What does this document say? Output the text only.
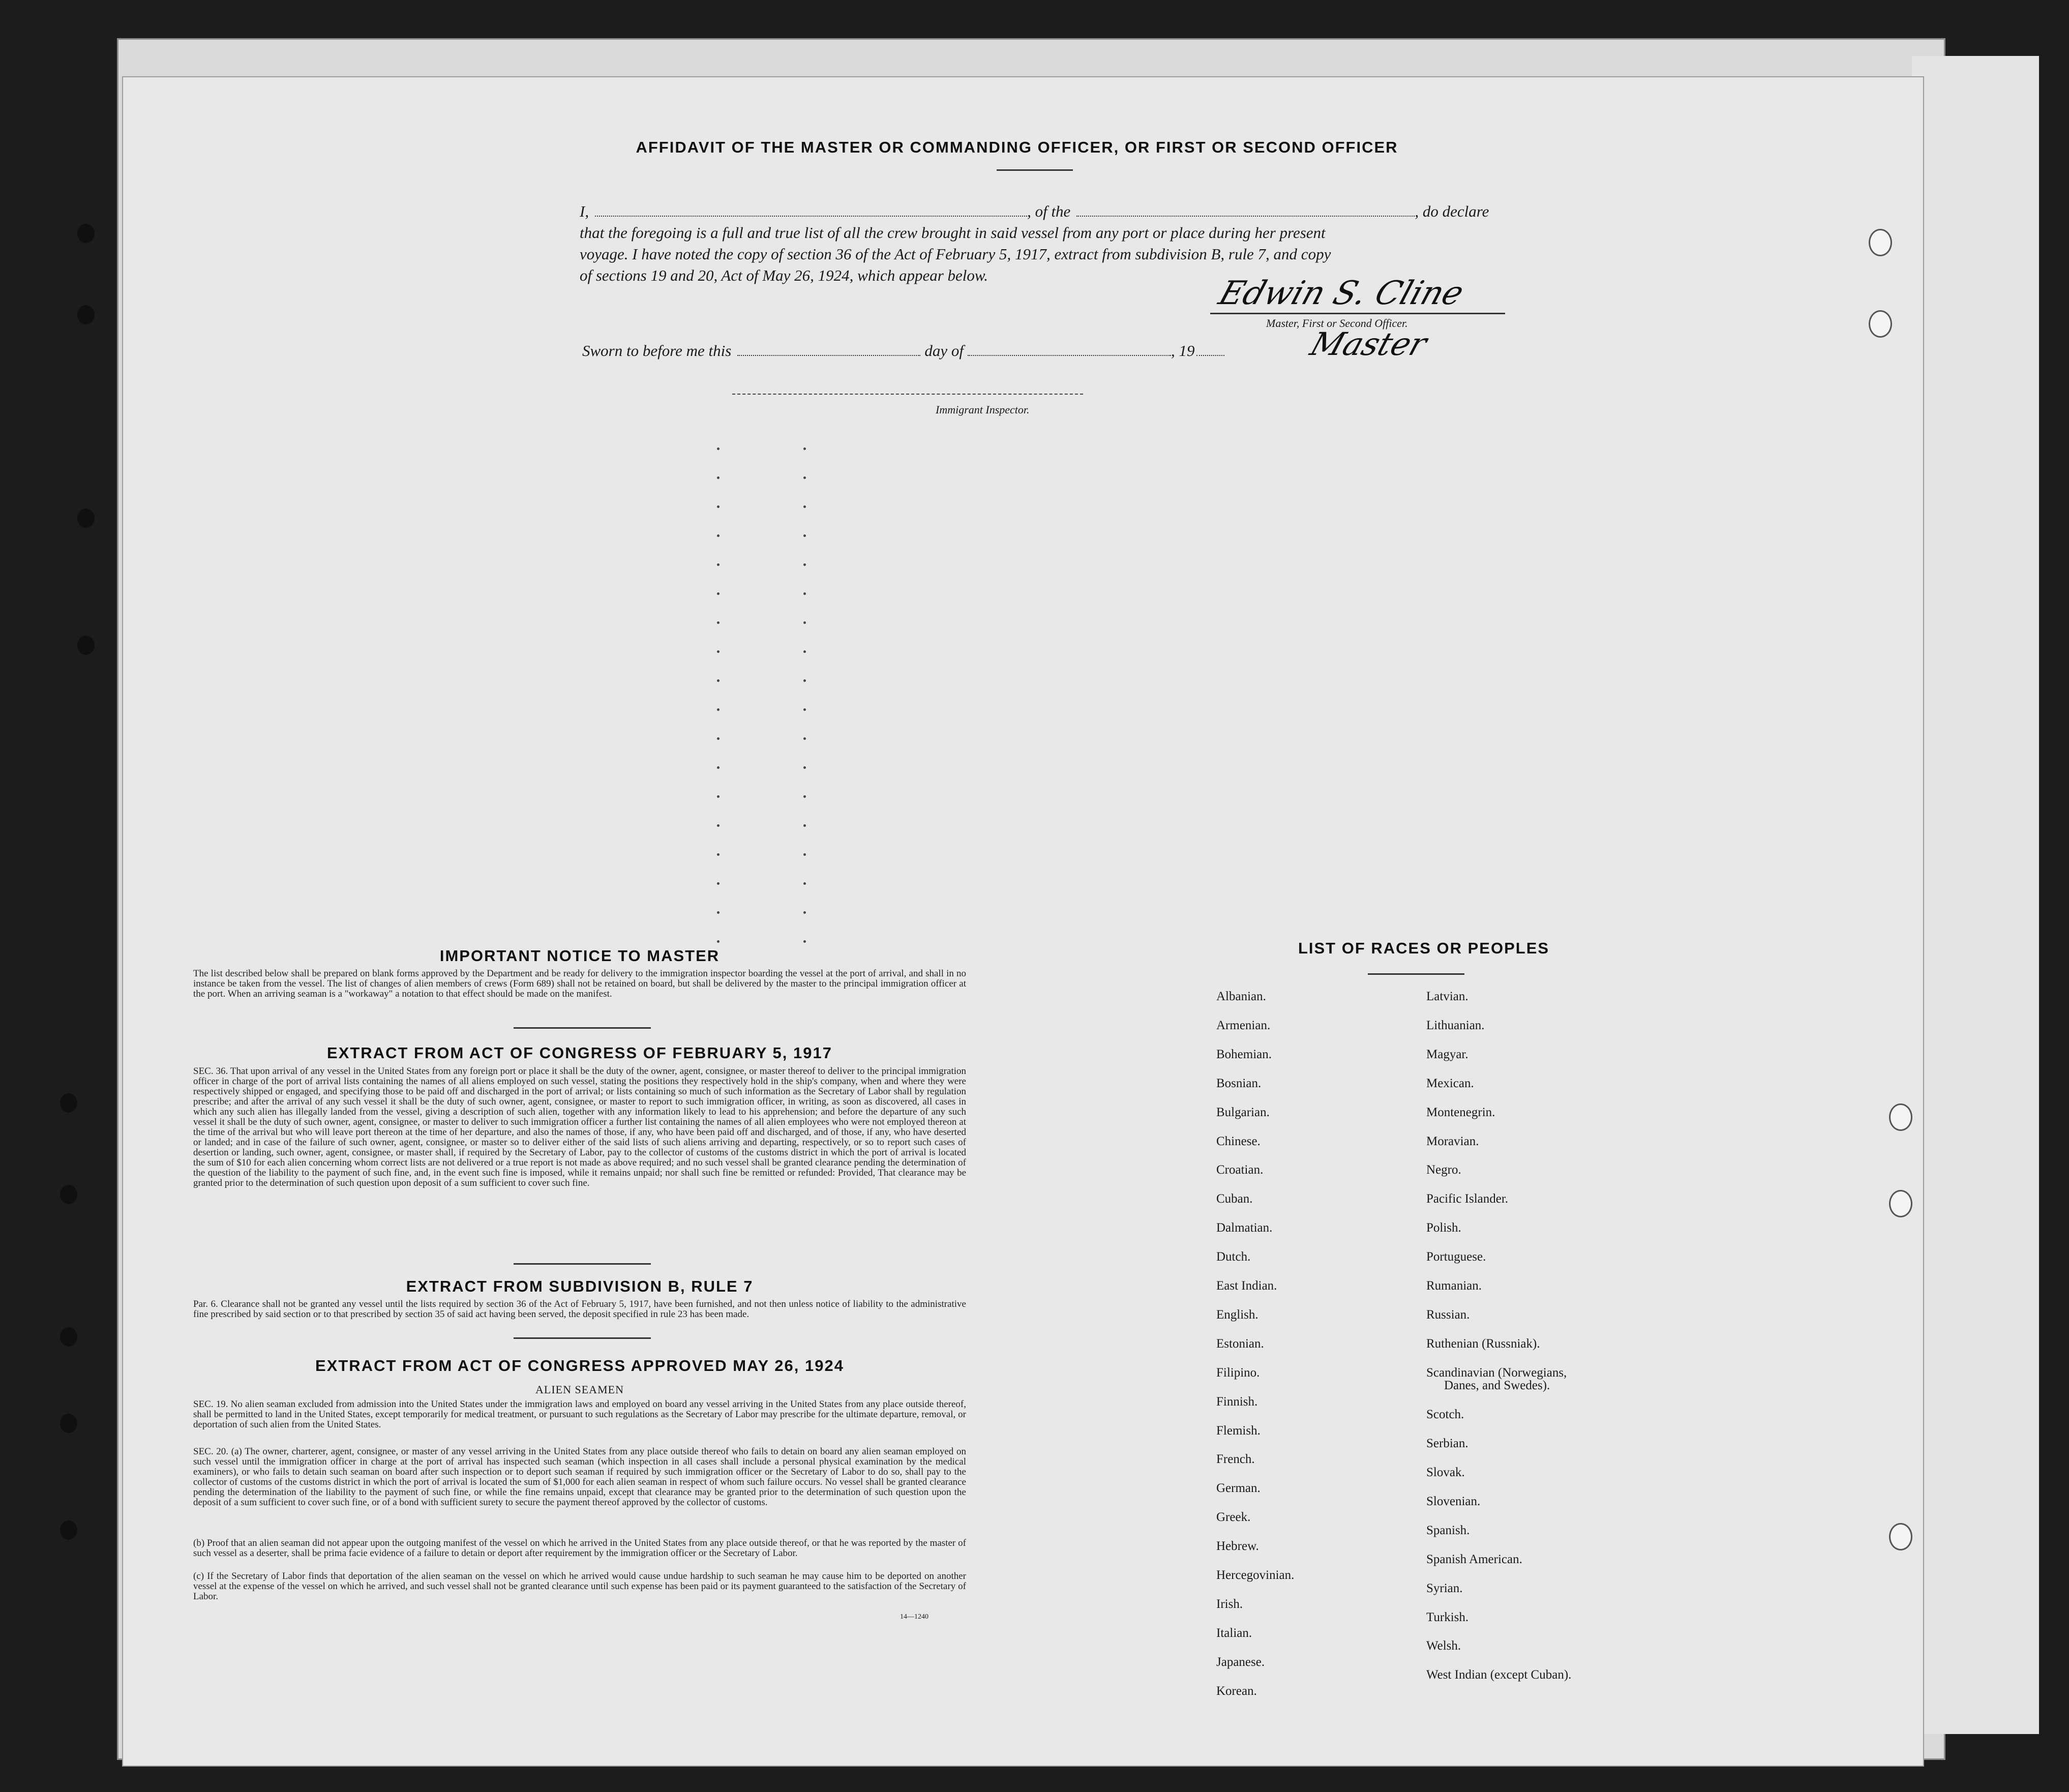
AFFIDAVIT OF THE MASTER OR COMMANDING OFFICER, OR FIRST OR SECOND OFFICER
I,	, of the	, do declare
that the foregoing is a full and true list of all the crew brought in said vessel from any port or place during her present
voyage. I have noted the copy of section 36 of the Act of February 5, 1917, extract from subdivision B, rule 7, and copy
of sections 19 and 20, Act of May 26, 1924, which appear below.	Edwin S. Cline
Master, First or Second Officer.
Sworn to before me this	day of	, 19	Master
Immigrant Inspector.
IMPORTANT NOTICE TO MASTER
The list described below shall be prepared on blank forms approved by the Department and be ready for delivery to the immigration inspector boarding the vessel at the port of arrival, and shall in no instance be taken from the vessel. The list of changes of alien members of crews (Form 689) shall not be retained on board, but shall be delivered by the master to the principal immigration officer at the port. When an arriving seaman is a "workaway" a notation to that effect should be made on the manifest.
EXTRACT FROM ACT OF CONGRESS OF FEBRUARY 5, 1917
SEC. 36. That upon arrival of any vessel in the United States from any foreign port or place it shall be the duty of the owner, agent, consignee, or master thereof to deliver to the principal immigration officer in charge of the port of arrival lists containing the names of all aliens employed on such vessel, stating the positions they respectively hold in the ship's company, when and where they were respectively shipped or engaged, and specifying those to be paid off and discharged in the port of arrival; or lists containing so much of such information as the Secretary of Labor shall by regulation prescribe; and after the arrival of any such vessel it shall be the duty of such owner, agent, consignee, or master to report to such immigration officer, in writing, as soon as discovered, all cases in which any such alien has illegally landed from the vessel, giving a description of such alien, together with any information likely to lead to his apprehension; and before the departure of any such vessel it shall be the duty of such owner, agent, consignee, or master to deliver to such immigration officer a further list containing the names of all alien employees who were not employed thereon at the time of the arrival but who will leave port thereon at the time of her departure, and also the names of those, if any, who have been paid off and discharged, and of those, if any, who have deserted or landed; and in case of the failure of such owner, agent, consignee, or master so to deliver either of the said lists of such aliens arriving and departing, respectively, or so to report such cases of desertion or landing, such owner, agent, consignee, or master shall, if required by the Secretary of Labor, pay to the collector of customs of the customs district in which the port of arrival is located the sum of $10 for each alien concerning whom correct lists are not delivered or a true report is not made as above required; and no such vessel shall be granted clearance pending the determination of the question of the liability to the payment of such fine, and, in the event such fine is imposed, while it remains unpaid; nor shall such fine be remitted or refunded: Provided, That clearance may be granted prior to the determination of such question upon deposit of a sum sufficient to cover such fine.
EXTRACT FROM SUBDIVISION B, RULE 7
Par. 6. Clearance shall not be granted any vessel until the lists required by section 36 of the Act of February 5, 1917, have been furnished, and not then unless notice of liability to the administrative fine prescribed by said section or to that prescribed by section 35 of said act having been served, the deposit specified in rule 23 has been made.
EXTRACT FROM ACT OF CONGRESS APPROVED MAY 26, 1924
ALIEN SEAMEN
SEC. 19. No alien seaman excluded from admission into the United States under the immigration laws and employed on board any vessel arriving in the United States from any place outside thereof, shall be permitted to land in the United States, except temporarily for medical treatment, or pursuant to such regulations as the Secretary of Labor may prescribe for the ultimate departure, removal, or deportation of such alien from the United States.
SEC. 20. (a) The owner, charterer, agent, consignee, or master of any vessel arriving in the United States from any place outside thereof who fails to detain on board any alien seaman employed on such vessel until the immigration officer in charge at the port of arrival has inspected such seaman (which inspection in all cases shall include a personal physical examination by the medical examiners), or who fails to detain such seaman on board after such inspection or to deport such seaman if required by such immigration officer or the Secretary of Labor to do so, shall pay to the collector of customs of the customs district in which the port of arrival is located the sum of $1,000 for each alien seaman in respect of whom such failure occurs. No vessel shall be granted clearance pending the determination of the liability to the payment of such fine, or while the fine remains unpaid, except that clearance may be granted prior to the determination of such question upon the deposit of a sum sufficient to cover such fine, or of a bond with sufficient surety to secure the payment thereof approved by the collector of customs.
(b) Proof that an alien seaman did not appear upon the outgoing manifest of the vessel on which he arrived in the United States from any place outside thereof, or that he was reported by the master of such vessel as a deserter, shall be prima facie evidence of a failure to detain or deport after requirement by the immigration officer or the Secretary of Labor.
(c) If the Secretary of Labor finds that deportation of the alien seaman on the vessel on which he arrived would cause undue hardship to such seaman he may cause him to be deported on another vessel at the expense of the vessel on which he arrived, and such vessel shall not be granted clearance until such expense has been paid or its payment guaranteed to the satisfaction of the Secretary of Labor.
14—1240
LIST OF RACES OR PEOPLES
Albanian.
Armenian.
Bohemian.
Bosnian.
Bulgarian.
Chinese.
Croatian.
Cuban.
Dalmatian.
Dutch.
East Indian.
English.
Estonian.
Filipino.
Finnish.
Flemish.
French.
German.
Greek.
Hebrew.
Hercegovinian.
Irish.
Italian.
Japanese.
Korean.
Latvian.
Lithuanian.
Magyar.
Mexican.
Montenegrin.
Moravian.
Negro.
Pacific Islander.
Polish.
Portuguese.
Rumanian.
Russian.
Ruthenian (Russniak).
Scandinavian (Norwegians,
Danes, and Swedes).
Scotch.
Serbian.
Slovak.
Slovenian.
Spanish.
Spanish American.
Syrian.
Turkish.
Welsh.
West Indian (except Cuban).
